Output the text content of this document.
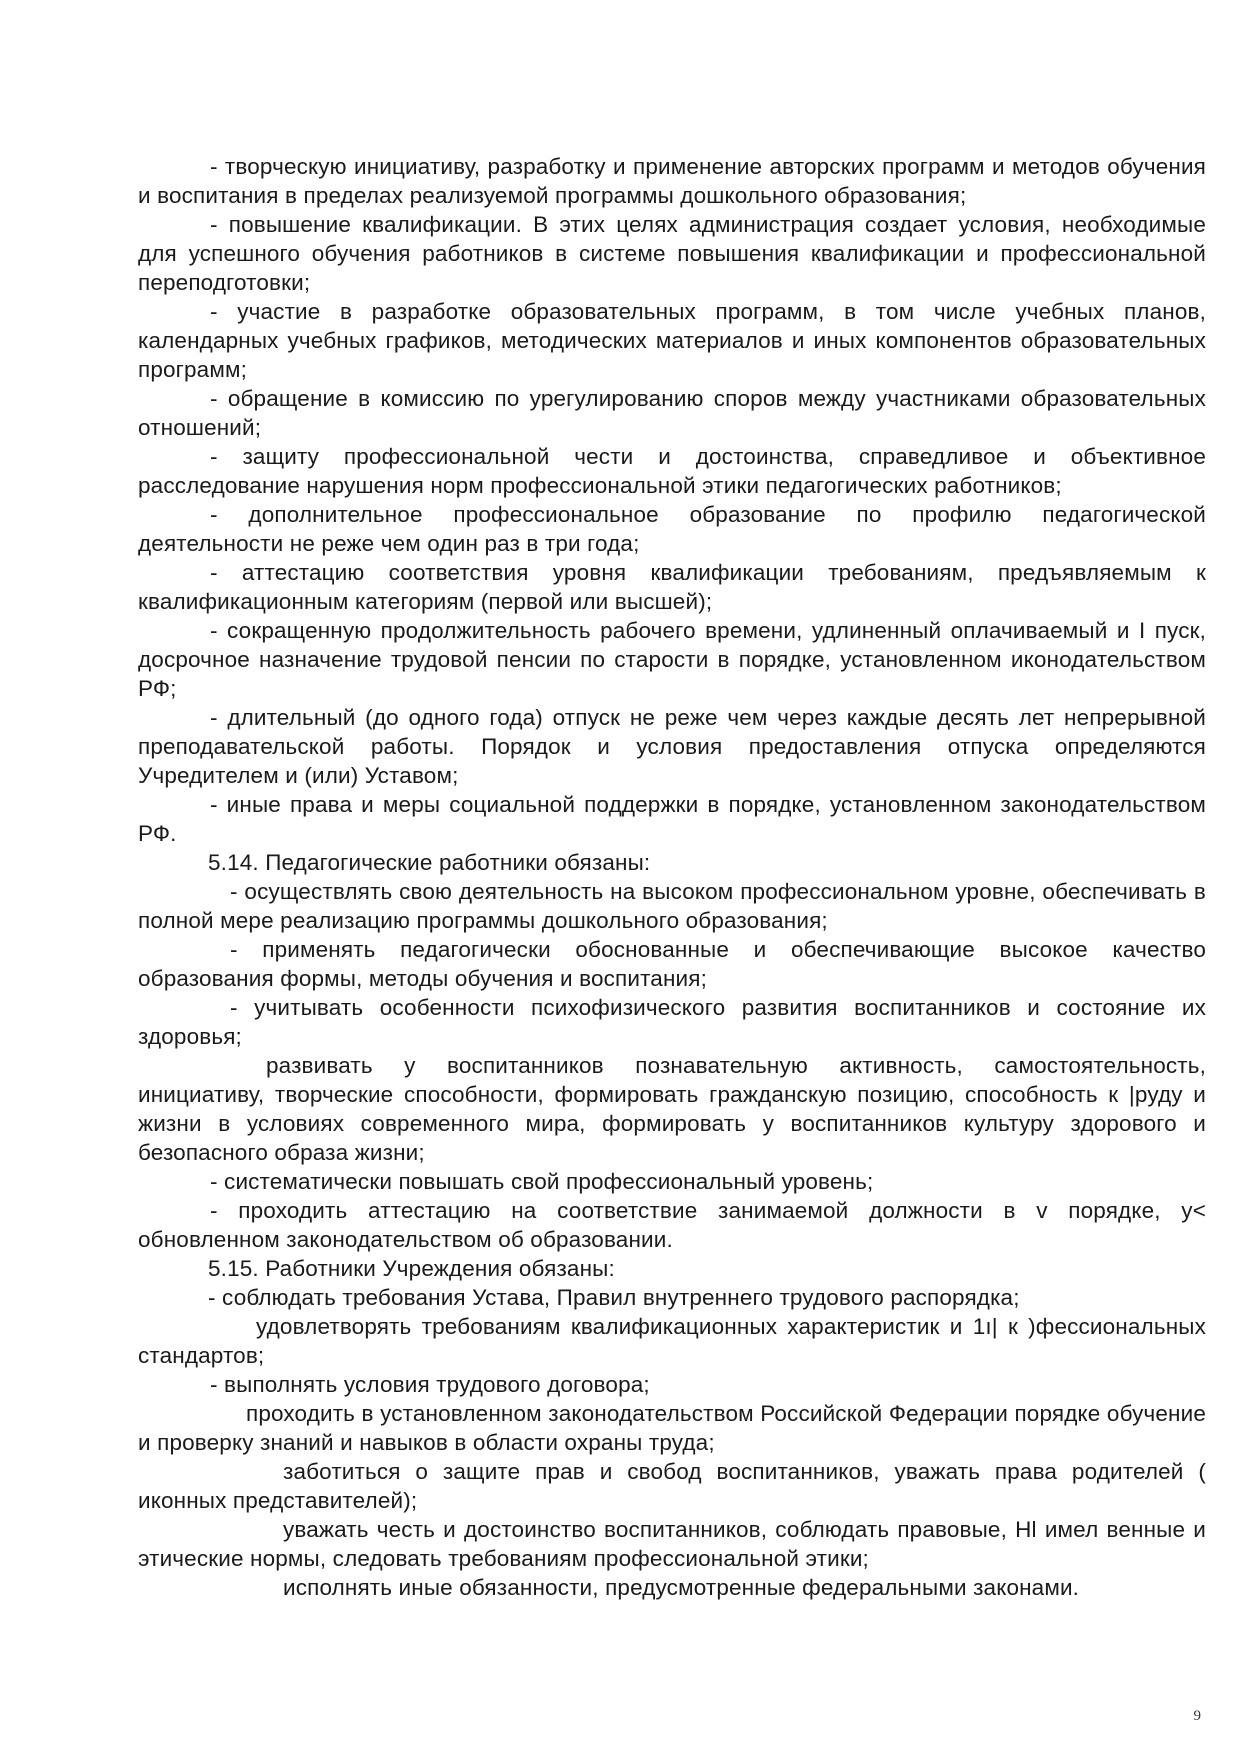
- творческую инициативу, разработку и применение авторских программ и методов обучения и воспитания в пределах реализуемой программы дошкольного образования;

- повышение квалификации. В этих целях администрация создает условия, необходимые для успешного обучения работников в системе повышения квалификации и профессиональной переподготовки;

- участие в разработке образовательных программ, в том числе учебных планов, календарных учебных графиков, методических материалов и иных компонентов образовательных программ;

- обращение в комиссию по урегулированию споров между участниками образовательных отношений;

- защиту профессиональной чести и достоинства, справедливое и объективное расследование нарушения норм профессиональной этики педагогических работников;

- дополнительное профессиональное образование по профилю педагогической деятельности не реже чем один раз в три года;

- аттестацию соответствия уровня квалификации требованиям, предъявляемым к квалификационным категориям (первой или высшей);

- сокращенную продолжительность рабочего времени, удлиненный оплачиваемый и I пуск, досрочное назначение трудовой пенсии по старости в порядке, установленном иконодательством РФ;

- длительный (до одного года) отпуск не реже чем через каждые десять лет непрерывной преподавательской работы. Порядок и условия предоставления отпуска определяются Учредителем и (или) Уставом;

- иные права и меры социальной поддержки в порядке, установленном законодательством РФ.

5.14. Педагогические работники обязаны:

- осуществлять свою деятельность на высоком профессиональном уровне, обеспечивать в полной мере реализацию программы дошкольного образования;

- применять педагогически обоснованные и обеспечивающие высокое качество образования формы, методы обучения и воспитания;

- учитывать особенности психофизического развития воспитанников и состояние их здоровья;

развивать у воспитанников познавательную активность, самостоятельность, инициативу, творческие способности, формировать гражданскую позицию, способность к |руду и жизни в условиях современного мира, формировать у воспитанников культуру здорового и безопасного образа жизни;

- систематически повышать свой профессиональный уровень;

- проходить аттестацию на соответствие занимаемой должности в v порядке, у< обновленном законодательством об образовании.

5.15. Работники Учреждения обязаны:

- соблюдать требования Устава, Правил внутреннего трудового распорядка;

удовлетворять требованиям квалификационных характеристик и 1ı| к )фессиональных стандартов;

- выполнять условия трудового договора;

проходить в установленном законодательством Российской Федерации порядке обучение и проверку знаний и навыков в области охраны труда;

заботиться о защите прав и свобод воспитанников, уважать права родителей ( иконных представителей);

уважать честь и достоинство воспитанников, соблюдать правовые, Hl имел венные и этические нормы, следовать требованиям профессиональной этики;

исполнять иные обязанности, предусмотренные федеральными законами.

9
